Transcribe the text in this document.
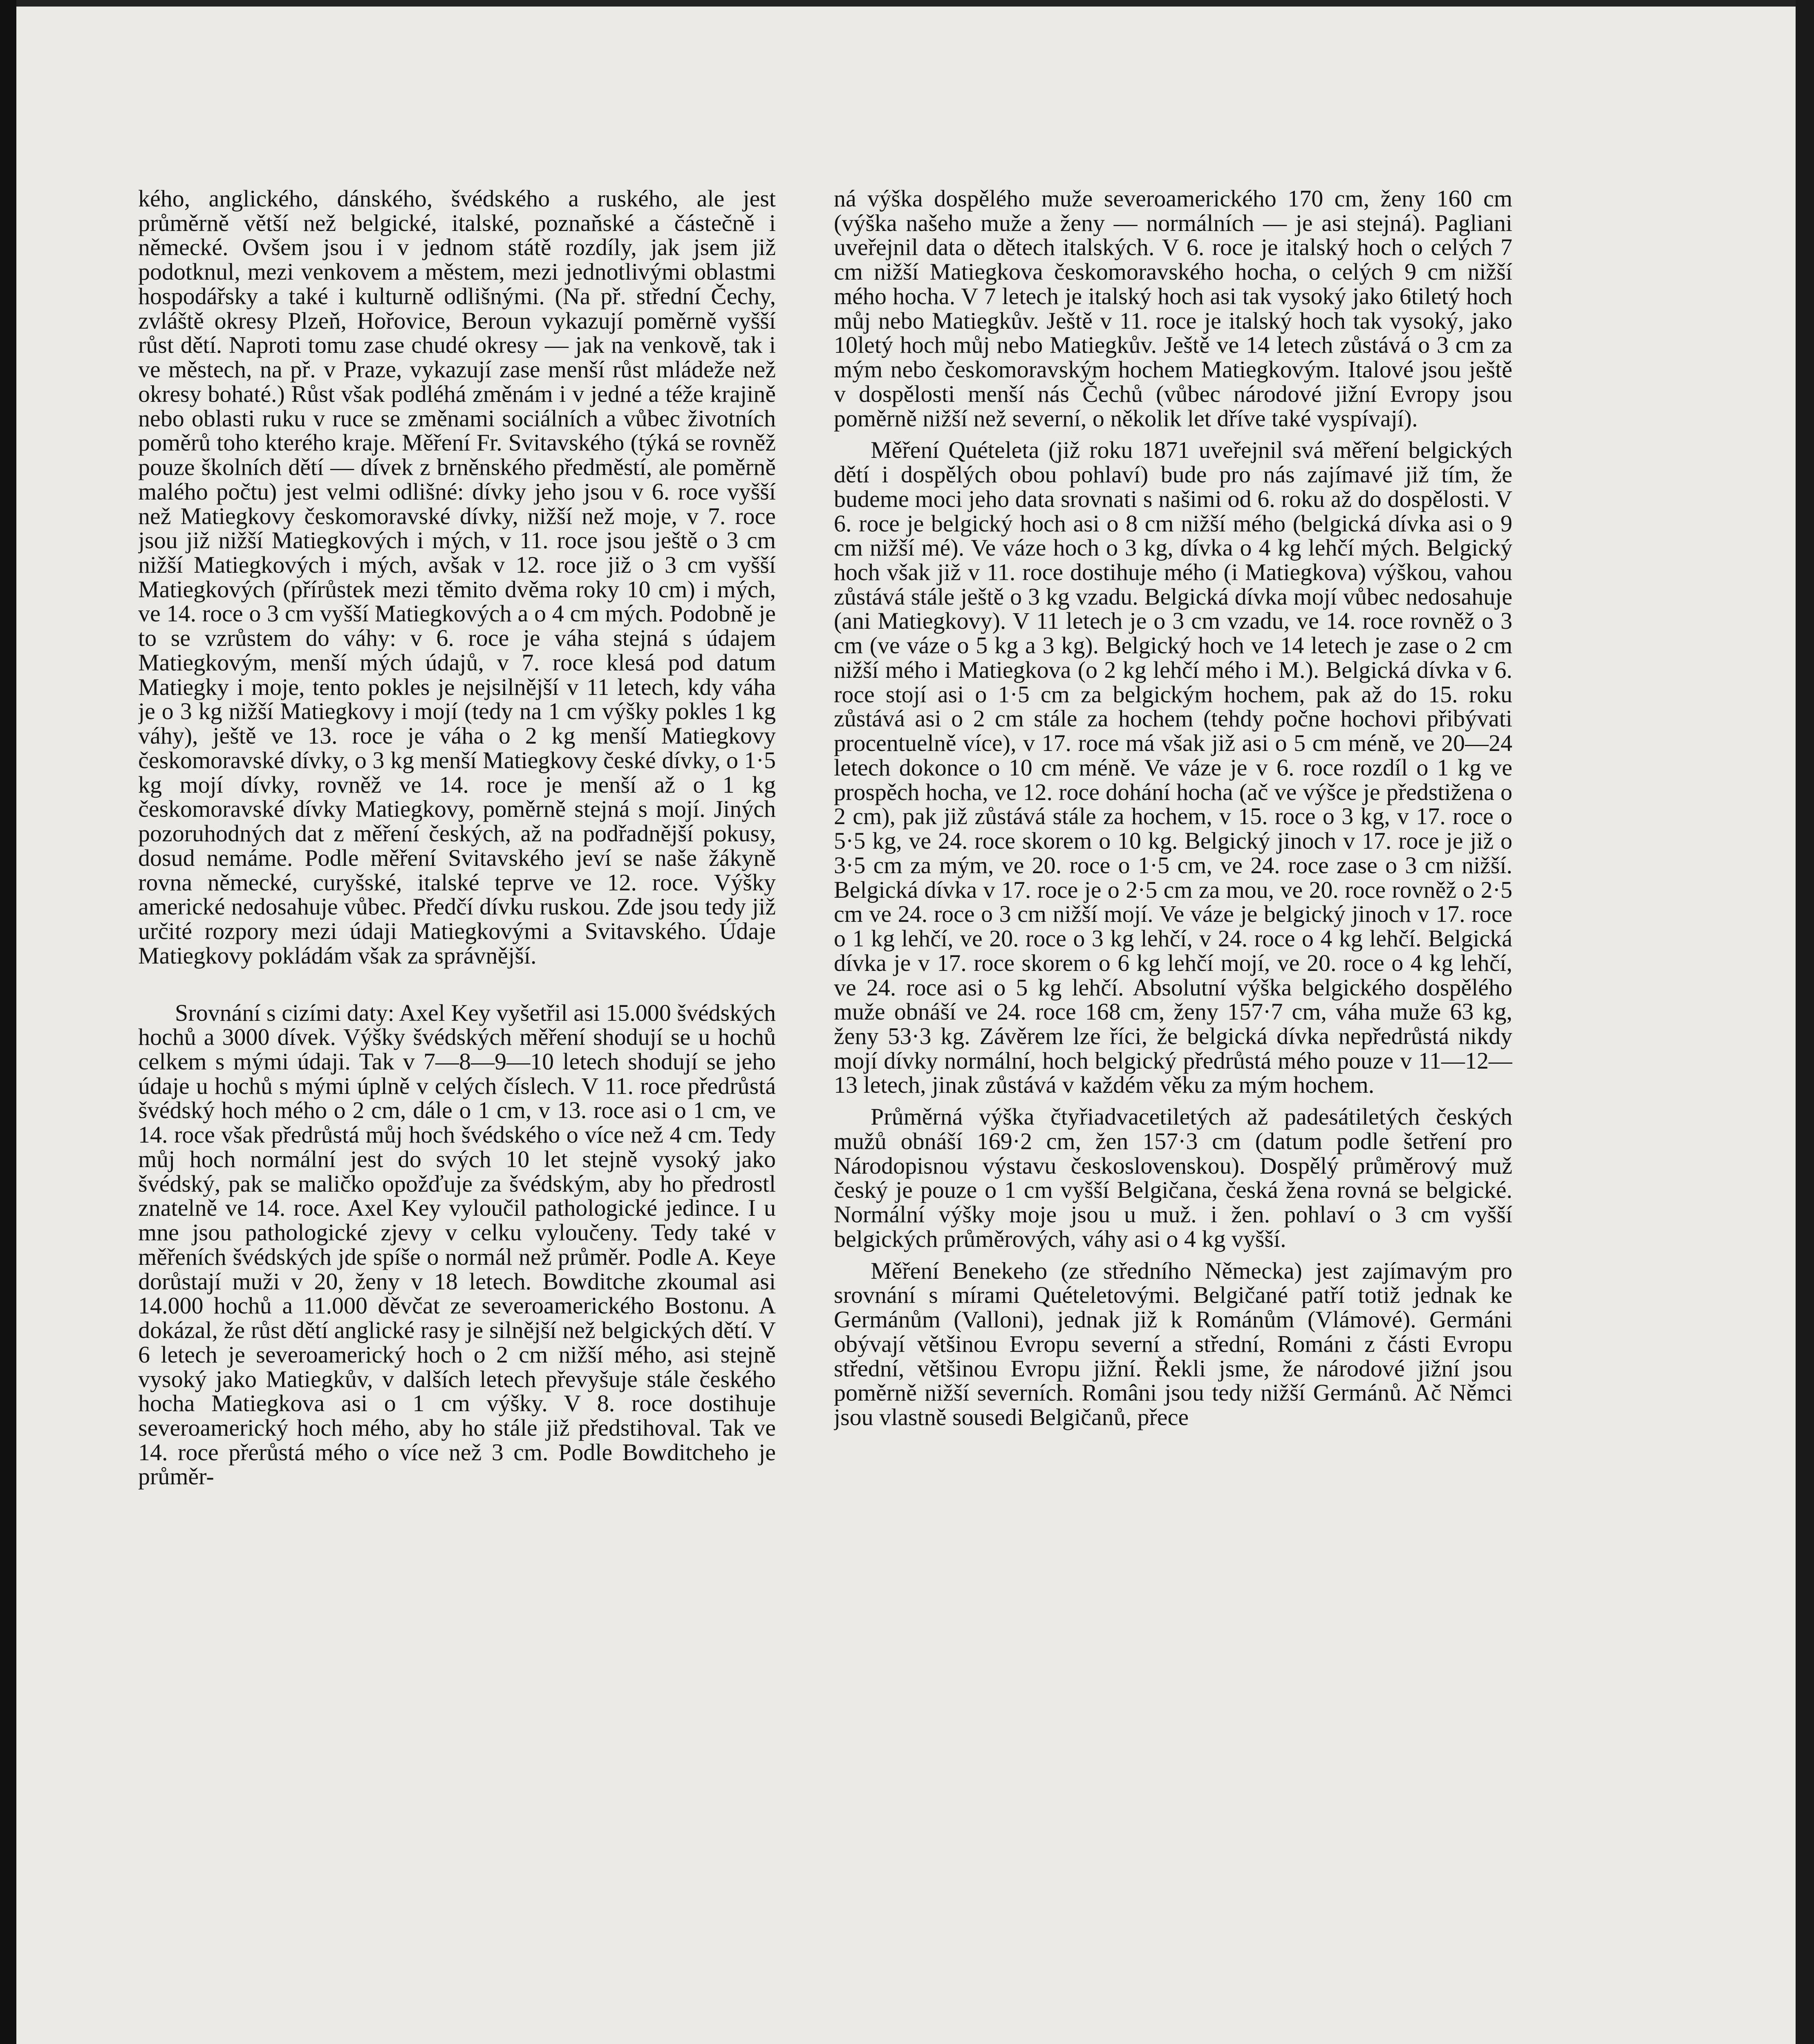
kého, anglického, dánského, švédského a ruského, ale jest průměrně větší než belgické, italské, poznaňské a částečně i německé. Ovšem jsou i v jednom státě rozdíly, jak jsem již podotknul, mezi venkovem a městem, mezi jednotlivými oblastmi hospodářsky a také i kulturně odlišnými. (Na př. střední Čechy, zvláště okresy Plzeň, Hořovice, Beroun vykazují poměrně vyšší růst dětí. Naproti tomu zase chudé okresy — jak na venkově, tak i ve městech, na př. v Praze, vykazují zase menší růst mládeže než okresy bohaté.) Růst však podléhá změnám i v jedné a téže krajině nebo oblasti ruku v ruce se změnami sociálních a vůbec životních poměrů toho kterého kraje. Měření Fr. Svitavského (týká se rovněž pouze školních dětí — dívek z brněnského předměstí, ale poměrně malého počtu) jest velmi odlišné: dívky jeho jsou v 6. roce vyšší než Matiegkovy českomoravské dívky, nižší než moje, v 7. roce jsou již nižší Matiegkových i mých, v 11. roce jsou ještě o 3 cm nižší Matiegkových i mých, avšak v 12. roce již o 3 cm vyšší Matiegkových (přírůstek mezi těmito dvěma roky 10 cm) i mých, ve 14. roce o 3 cm vyšší Matiegkových a o 4 cm mých. Podobně je to se vzrůstem do váhy: v 6. roce je váha stejná s údajem Matiegkovým, menší mých údajů, v 7. roce klesá pod datum Matiegky i moje, tento pokles je nejsilnější v 11 letech, kdy váha je o 3 kg nižší Matiegkovy i mojí (tedy na 1 cm výšky pokles 1 kg váhy), ještě ve 13. roce je váha o 2 kg menší Matiegkovy českomoravské dívky, o 3 kg menší Matiegkovy české dívky, o 1·5 kg mojí dívky, rovněž ve 14. roce je menší až o 1 kg českomoravské dívky Matiegkovy, poměrně stejná s mojí. Jiných pozoruhodných dat z měření českých, až na podřadnější pokusy, dosud nemáme. Podle měření Svitavského jeví se naše žákyně rovna německé, curyšské, italské teprve ve 12. roce. Výšky americké nedosahuje vůbec. Předčí dívku ruskou. Zde jsou tedy již určité rozpory mezi údaji Matiegkovými a Svitavského. Údaje Matiegkovy pokládám však za správnější.

Srovnání s cizími daty: Axel Key vyšetřil asi 15.000 švédských hochů a 3000 dívek. Výšky švédských měření shodují se u hochů celkem s mými údaji. Tak v 7—8—9—10 letech shodují se jeho údaje u hochů s mými úplně v celých číslech. V 11. roce předrůstá švédský hoch mého o 2 cm, dále o 1 cm, v 13. roce asi o 1 cm, ve 14. roce však předrůstá můj hoch švédského o více než 4 cm. Tedy můj hoch normální jest do svých 10 let stejně vysoký jako švédský, pak se maličko opožďuje za švédským, aby ho předrostl znatelně ve 14. roce. Axel Key vyloučil pathologické jedince. I u mne jsou pathologické zjevy v celku vyloučeny. Tedy také v měřeních švédských jde spíše o normál než průměr. Podle A. Keye dorůstají muži v 20, ženy v 18 letech. Bowditche zkoumal asi 14.000 hochů a 11.000 děvčat ze severoamerického Bostonu. A dokázal, že růst dětí anglické rasy je silnější než belgických dětí. V 6 letech je severoamerický hoch o 2 cm nižší mého, asi stejně vysoký jako Matiegkův, v dalších letech převyšuje stále českého hocha Matiegkova asi o 1 cm výšky. V 8. roce dostihuje severoamerický hoch mého, aby ho stále již předstihoval. Tak ve 14. roce přerůstá mého o více než 3 cm. Podle Bowditcheho je průměr-

ná výška dospělého muže severoamerického 170 cm, ženy 160 cm (výška našeho muže a ženy — normálních — je asi stejná). Pagliani uveřejnil data o dětech italských. V 6. roce je italský hoch o celých 7 cm nižší Matiegkova českomoravského hocha, o celých 9 cm nižší mého hocha. V 7 letech je italský hoch asi tak vysoký jako 6tiletý hoch můj nebo Matiegkův. Ještě v 11. roce je italský hoch tak vysoký, jako 10letý hoch můj nebo Matiegkův. Ještě ve 14 letech zůstává o 3 cm za mým nebo českomoravským hochem Matiegkovým. Italové jsou ještě v dospělosti menší nás Čechů (vůbec národové jižní Evropy jsou poměrně nižší než severní, o několik let dříve také vyspívají).

Měření Quételeta (již roku 1871 uveřejnil svá měření belgických dětí i dospělých obou pohlaví) bude pro nás zajímavé již tím, že budeme moci jeho data srovnati s našimi od 6. roku až do dospělosti. V 6. roce je belgický hoch asi o 8 cm nižší mého (belgická dívka asi o 9 cm nižší mé). Ve váze hoch o 3 kg, dívka o 4 kg lehčí mých. Belgický hoch však již v 11. roce dostihuje mého (i Matiegkova) výškou, vahou zůstává stále ještě o 3 kg vzadu. Belgická dívka mojí vůbec nedosahuje (ani Matiegkovy). V 11 letech je o 3 cm vzadu, ve 14. roce rovněž o 3 cm (ve váze o 5 kg a 3 kg). Belgický hoch ve 14 letech je zase o 2 cm nižší mého i Matiegkova (o 2 kg lehčí mého i M.). Belgická dívka v 6. roce stojí asi o 1·5 cm za belgickým hochem, pak až do 15. roku zůstává asi o 2 cm stále za hochem (tehdy počne hochovi přibývati procentuelně více), v 17. roce má však již asi o 5 cm méně, ve 20—24 letech dokonce o 10 cm méně. Ve váze je v 6. roce rozdíl o 1 kg ve prospěch hocha, ve 12. roce dohání hocha (ač ve výšce je předstižena o 2 cm), pak již zůstává stále za hochem, v 15. roce o 3 kg, v 17. roce o 5·5 kg, ve 24. roce skorem o 10 kg. Belgický jinoch v 17. roce je již o 3·5 cm za mým, ve 20. roce o 1·5 cm, ve 24. roce zase o 3 cm nižší. Belgická dívka v 17. roce je o 2·5 cm za mou, ve 20. roce rovněž o 2·5 cm ve 24. roce o 3 cm nižší mojí. Ve váze je belgický jinoch v 17. roce o 1 kg lehčí, ve 20. roce o 3 kg lehčí, v 24. roce o 4 kg lehčí. Belgická dívka je v 17. roce skorem o 6 kg lehčí mojí, ve 20. roce o 4 kg lehčí, ve 24. roce asi o 5 kg lehčí. Absolutní výška belgického dospělého muže obnáší ve 24. roce 168 cm, ženy 157·7 cm, váha muže 63 kg, ženy 53·3 kg. Závěrem lze říci, že belgická dívka nepředrůstá nikdy mojí dívky normální, hoch belgický předrůstá mého pouze v 11—12—13 letech, jinak zůstává v každém věku za mým hochem.

Průměrná výška čtyřiadvacetiletých až padesátiletých českých mužů obnáší 169·2 cm, žen 157·3 cm (datum podle šetření pro Národopisnou výstavu československou). Dospělý průměrový muž český je pouze o 1 cm vyšší Belgičana, česká žena rovná se belgické. Normální výšky moje jsou u muž. i žen. pohlaví o 3 cm vyšší belgických průměrových, váhy asi o 4 kg vyšší.

Měření Benekeho (ze středního Německa) jest zajímavým pro srovnání s mírami Quételetovými. Belgičané patří totiž jednak ke Germánům (Valloni), jednak již k Románům (Vlámové). Germáni obývají většinou Evropu severní a střední, Románi z části Evropu střední, většinou Evropu jižní. Řekli jsme, že národové jižní jsou poměrně nižší severních. Români jsou tedy nižší Germánů. Ač Němci jsou vlastně sousedi Belgičanů, přece
